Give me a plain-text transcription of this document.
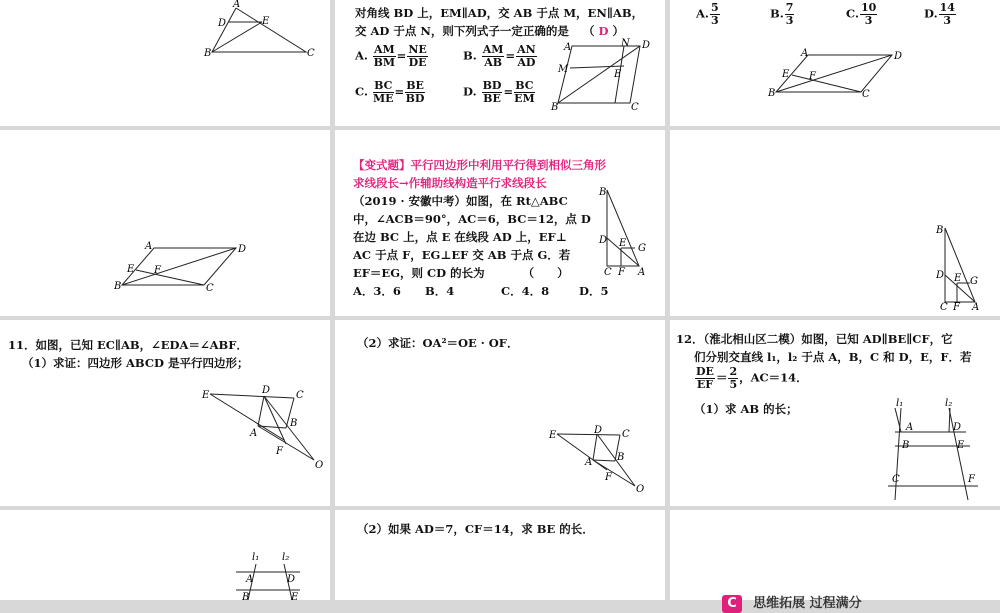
A
D	E
B	C
对角线 BD 上，EM∥AD，交 AB 于点 M，EN∥AB，
交 AD 于点 N，则下列式子一定正确的是 （ D ）
A. $\frac{AM}{BM} = \frac{NE}{DE}$	B. $\frac{AM}{AB} = \frac{AN}{AD}$
C. $\frac{BC}{ME} = \frac{BE}{BD}$	D. $\frac{BD}{BE} = \frac{BC}{EM}$
A	N D
M	E
B	C
A. $\frac{5}{3}$	B. $\frac{7}{3}$	C. $\frac{10}{3}$	D. $\frac{14}{3}$
A	D
E F
B	C
A	D
E F
B	C
【变式题】平行四边形中利用平行得到相似三角形
求线段长→作辅助线构造平行求线段长
（2019 · 安徽中考）如图，在 Rt△ABC
中，∠ACB＝90°，AC＝6，BC＝12，点 D
在边 BC 上，点 E 在线段 AD 上，EF⊥
AC 于点 F，EG⊥EF 交 AB 于点 G．若
EF＝EG，则 CD 的长为	（　　）
A．3．6 B．4	C．4．8	D．5
B
D E G
C F A
B
D E G
C F A
11．如图，已知 EC∥AB，∠EDA＝∠ABF．
（1）求证：四边形 ABCD 是平行四边形；
E	D	C
A
B
F
O
（2）求证：OA²＝OE · OF．
E	D C
A B
F
O
12．（淮北相山区二模）如图，已知 AD∥BE∥CF，它
们分别交直线 l₁，l₂ 于点 A，B，C 和 D，E，F．若
$\frac{DE}{EF} = \frac{2}{5}$ ，AC＝14．
（1）求 AB 的长；	l₁	l₂
A	D
B	E
C	F
l₁ l₂
A	D
B	E
（2）如果 AD＝7，CF＝14，求 BE 的长．
C 思维拓展 过程满分
